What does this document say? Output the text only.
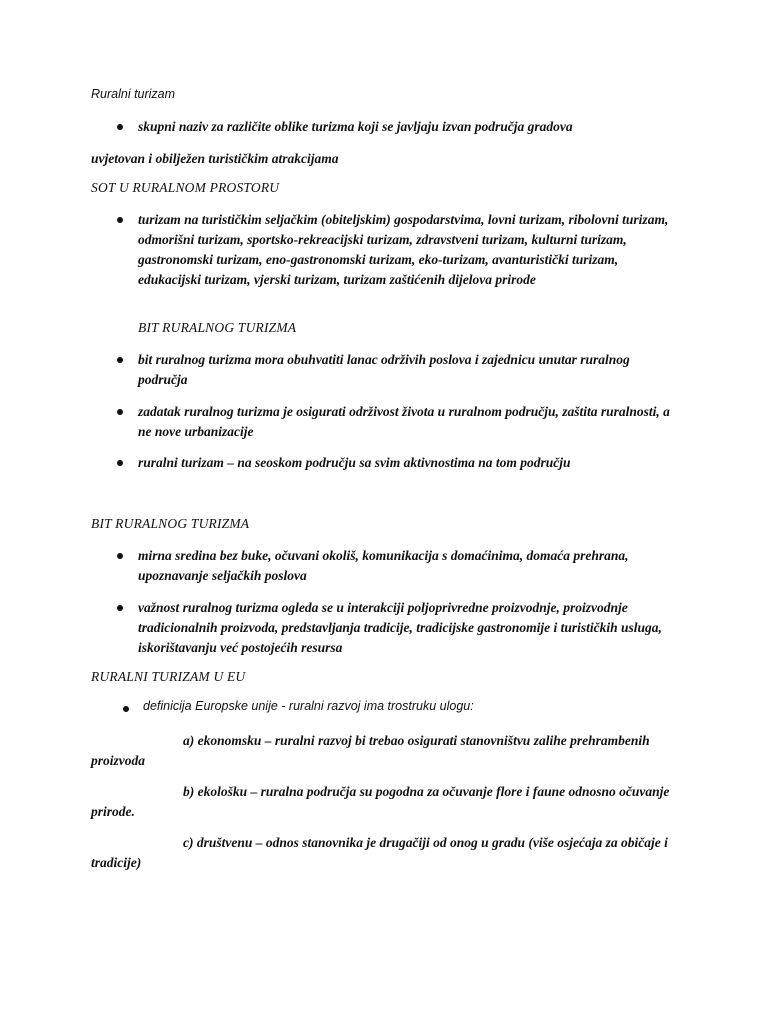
Ruralni turizam
skupni naziv za različite oblike turizma koji se javljaju izvan područja gradova
uvjetovan i obilježen turističkim atrakcijama
SOT U RURALNOM PROSTORU
turizam na turističkim seljačkim (obiteljskim) gospodarstvima, lovni turizam, ribolovni turizam, odmorišni turizam, sportsko-rekreacijski turizam, zdravstveni turizam, kulturni turizam, gastronomski turizam, eno-gastronomski turizam, eko-turizam, avanturistički turizam, edukacijski turizam, vjerski turizam, turizam zaštićenih dijelova prirode
BIT RURALNOG TURIZMA
bit ruralnog turizma mora obuhvatiti lanac održivih poslova i zajednicu unutar ruralnog područja
zadatak ruralnog turizma je osigurati održivost života u ruralnom području, zaštita ruralnosti, a ne nove urbanizacije
ruralni turizam – na seoskom području sa svim aktivnostima na tom području
BIT RURALNOG TURIZMA
mirna sredina bez buke, očuvani okoliš, komunikacija s domaćinima, domaća prehrana, upoznavanje seljačkih poslova
važnost ruralnog turizma ogleda se u interakciji poljoprivredne proizvodnje, proizvodnje tradicionalnih proizvoda, predstavljanja tradicije, tradicijske gastronomije i turističkih usluga, iskorištavanju već postojećih resursa
RURALNI TURIZAM U EU
definicija Europske unije - ruralni razvoj ima trostruku ulogu:
a) ekonomsku – ruralni razvoj bi trebao osigurati stanovništvu zalihe prehrambenih proizvoda
b) ekološku – ruralna područja su pogodna za očuvanje flore i faune odnosno očuvanje prirode.
c) društvenu – odnos stanovnika je drugačiji od onog u gradu (više osjećaja za običaje i tradicije)
